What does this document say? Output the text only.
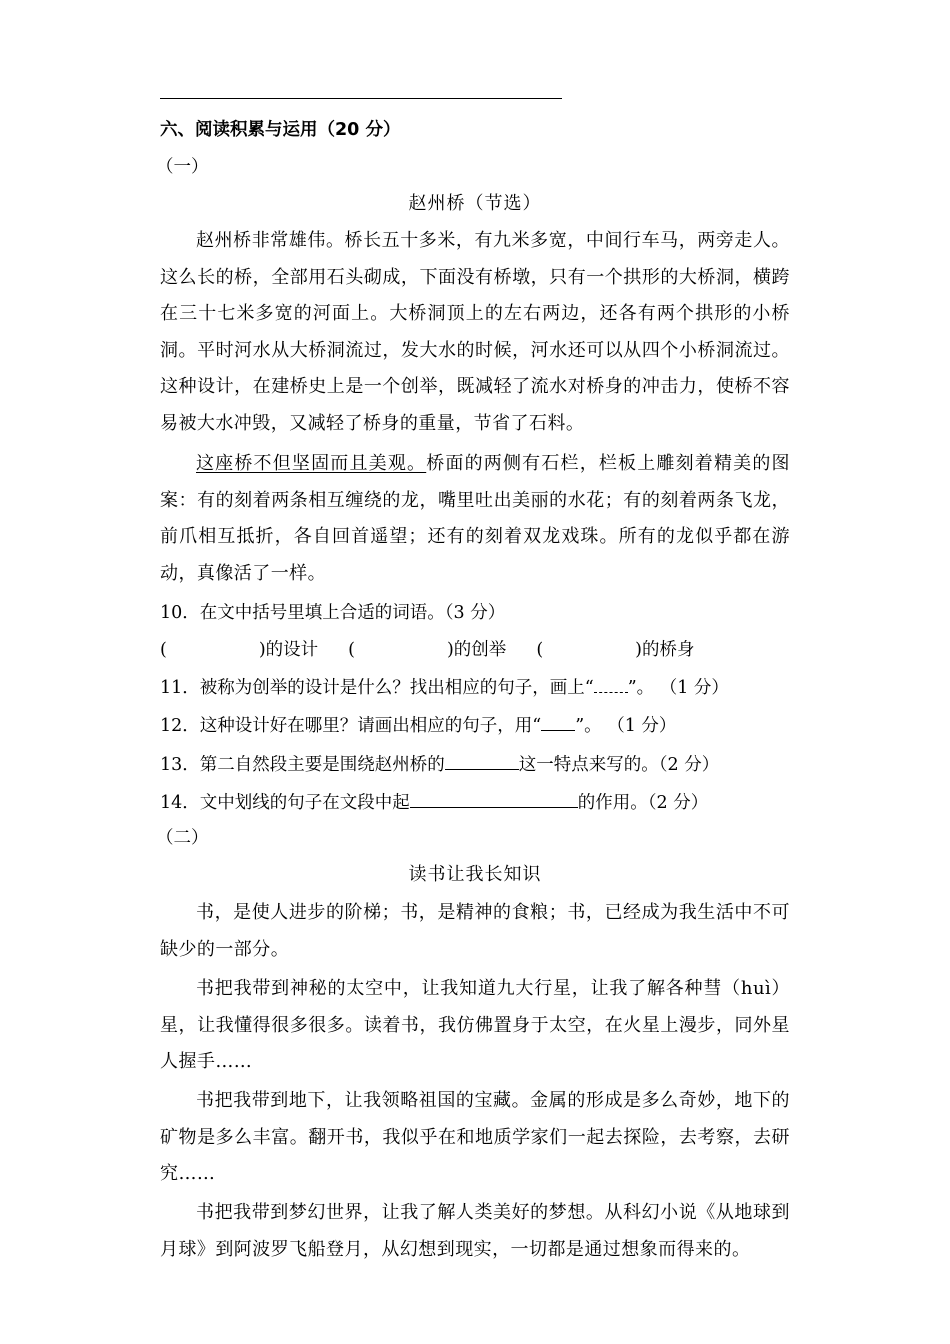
六、阅读积累与运用（20 分）
（一）
赵州桥（节选）
赵州桥非常雄伟。桥长五十多米，有九米多宽，中间行车马，两旁走人。这么长的桥，全部用石头砌成，下面没有桥墩，只有一个拱形的大桥洞，横跨在三十七米多宽的河面上。大桥洞顶上的左右两边，还各有两个拱形的小桥洞。平时河水从大桥洞流过，发大水的时候，河水还可以从四个小桥洞流过。这种设计，在建桥史上是一个创举，既减轻了流水对桥身的冲击力，使桥不容易被大水冲毁，又减轻了桥身的重量，节省了石料。
这座桥不但坚固而且美观。桥面的两侧有石栏，栏板上雕刻着精美的图案：有的刻着两条相互缠绕的龙，嘴里吐出美丽的水花；有的刻着两条飞龙，前爪相互抵折，各自回首遥望；还有的刻着双龙戏珠。所有的龙似乎都在游动，真像活了一样。
10．在文中括号里填上合适的词语。（3 分）
(	)的设计 (	)的创举 (	)的桥身
11．被称为创举的设计是什么？找出相应的句子，画上“ ”。 （1 分）
12．这种设计好在哪里？请画出相应的句子，用“ ”。 （1 分）
13．第二自然段主要是围绕赵州桥的	这一特点来写的。（2 分）
14．文中划线的句子在文段中起	的作用。（2 分）
（二）
读书让我长知识
书，是使人进步的阶梯；书，是精神的食粮；书，已经成为我生活中不可缺少的一部分。
书把我带到神秘的太空中，让我知道九大行星，让我了解各种彗（huì）星，让我懂得很多很多。读着书，我仿佛置身于太空，在火星上漫步，同外星人握手……
书把我带到地下，让我领略祖国的宝藏。金属的形成是多么奇妙，地下的矿物是多么丰富。翻开书，我似乎在和地质学家们一起去探险，去考察，去研究……
书把我带到梦幻世界，让我了解人类美好的梦想。从科幻小说《从地球到月球》到阿波罗飞船登月，从幻想到现实，一切都是通过想象而得来的。
